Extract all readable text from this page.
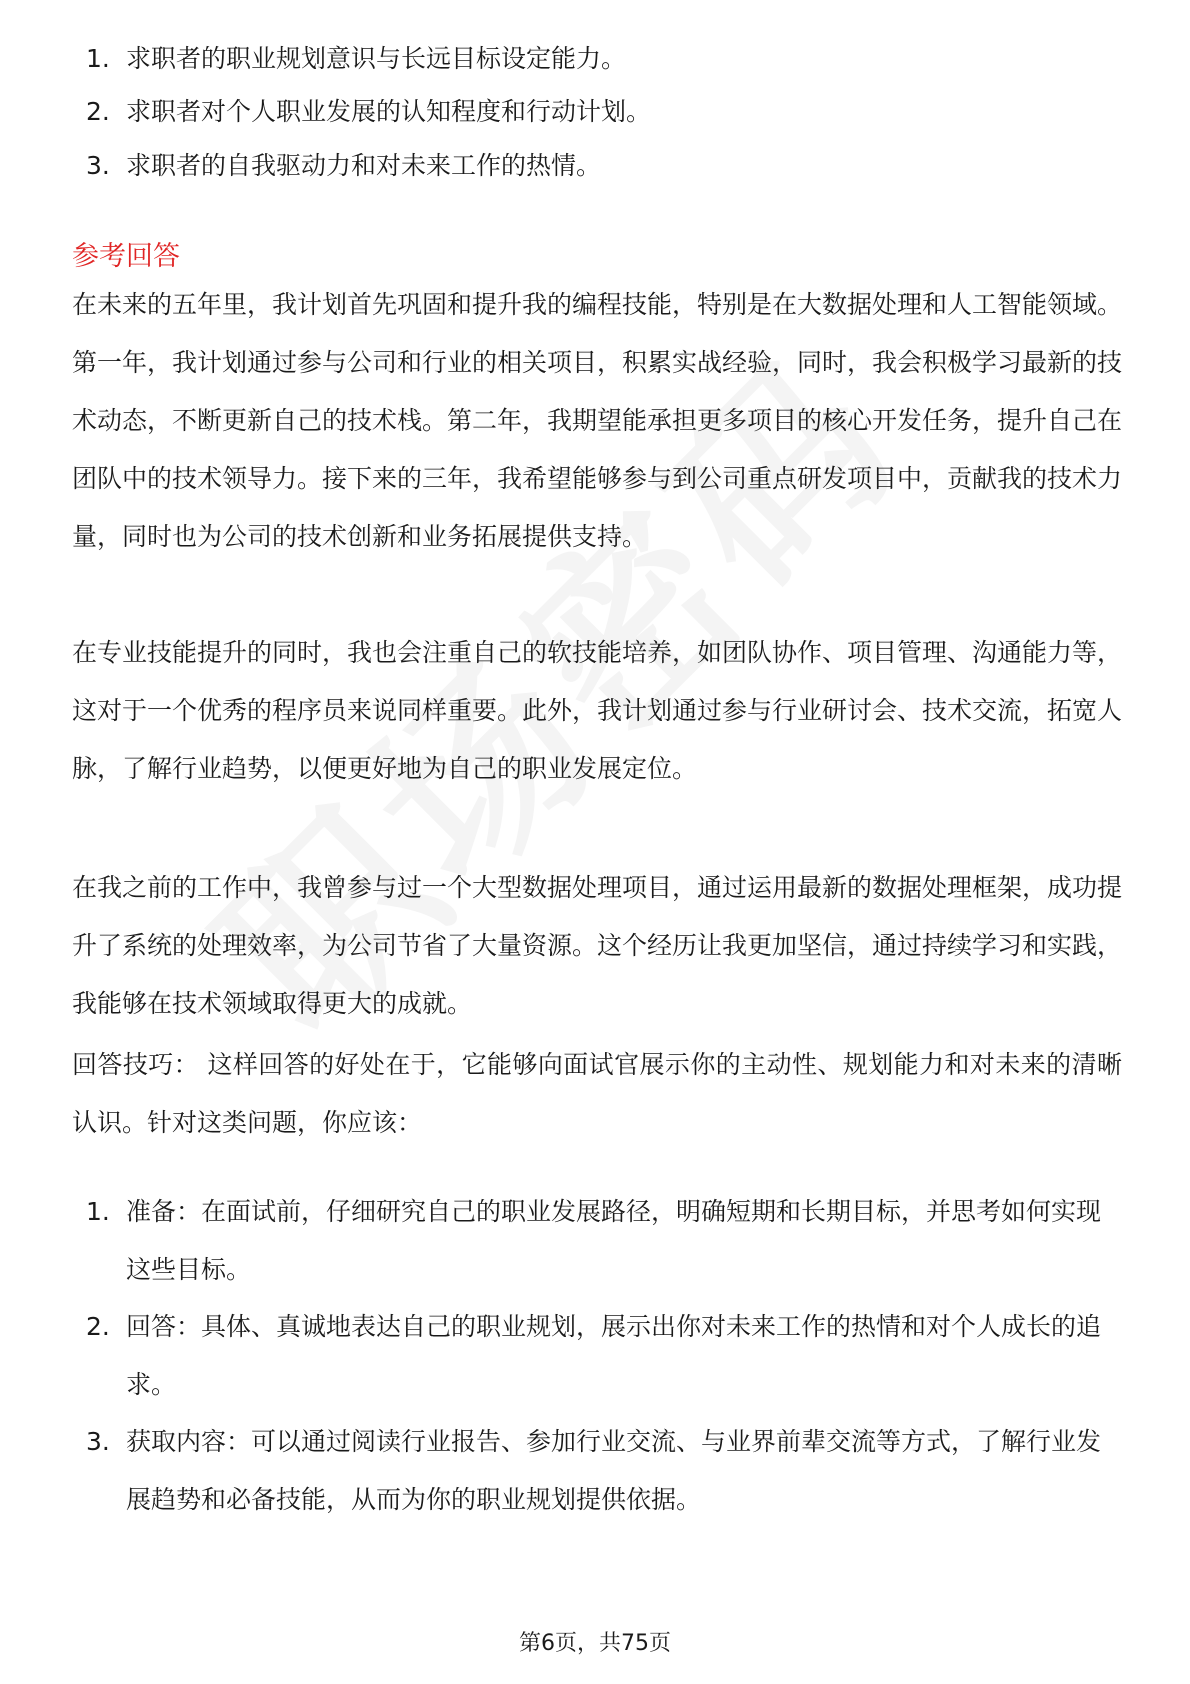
1. 求职者的职业规划意识与长远目标设定能力。
2. 求职者对个人职业发展的认知程度和行动计划。
3. 求职者的自我驱动力和对未来工作的热情。
参考回答
在未来的五年里，我计划首先巩固和提升我的编程技能，特别是在大数据处理和人工智能领域。第一年，我计划通过参与公司和行业的相关项目，积累实战经验，同时，我会积极学习最新的技术动态，不断更新自己的技术栈。第二年，我期望能承担更多项目的核心开发任务，提升自己在团队中的技术领导力。接下来的三年，我希望能够参与到公司重点研发项目中，贡献我的技术力量，同时也为公司的技术创新和业务拓展提供支持。
在专业技能提升的同时，我也会注重自己的软技能培养，如团队协作、项目管理、沟通能力等，这对于一个优秀的程序员来说同样重要。此外，我计划通过参与行业研讨会、技术交流，拓宽人脉，了解行业趋势，以便更好地为自己的职业发展定位。
在我之前的工作中，我曾参与过一个大型数据处理项目，通过运用最新的数据处理框架，成功提升了系统的处理效率，为公司节省了大量资源。这个经历让我更加坚信，通过持续学习和实践，我能够在技术领域取得更大的成就。
回答技巧： 这样回答的好处在于，它能够向面试官展示你的主动性、规划能力和对未来的清晰认识。针对这类问题，你应该：
1. 准备：在面试前，仔细研究自己的职业发展路径，明确短期和长期目标，并思考如何实现这些目标。
2. 回答：具体、真诚地表达自己的职业规划，展示出你对未来工作的热情和对个人成长的追求。
3. 获取内容：可以通过阅读行业报告、参加行业交流、与业界前辈交流等方式，了解行业发展趋势和必备技能，从而为你的职业规划提供依据。
第6页，共75页
